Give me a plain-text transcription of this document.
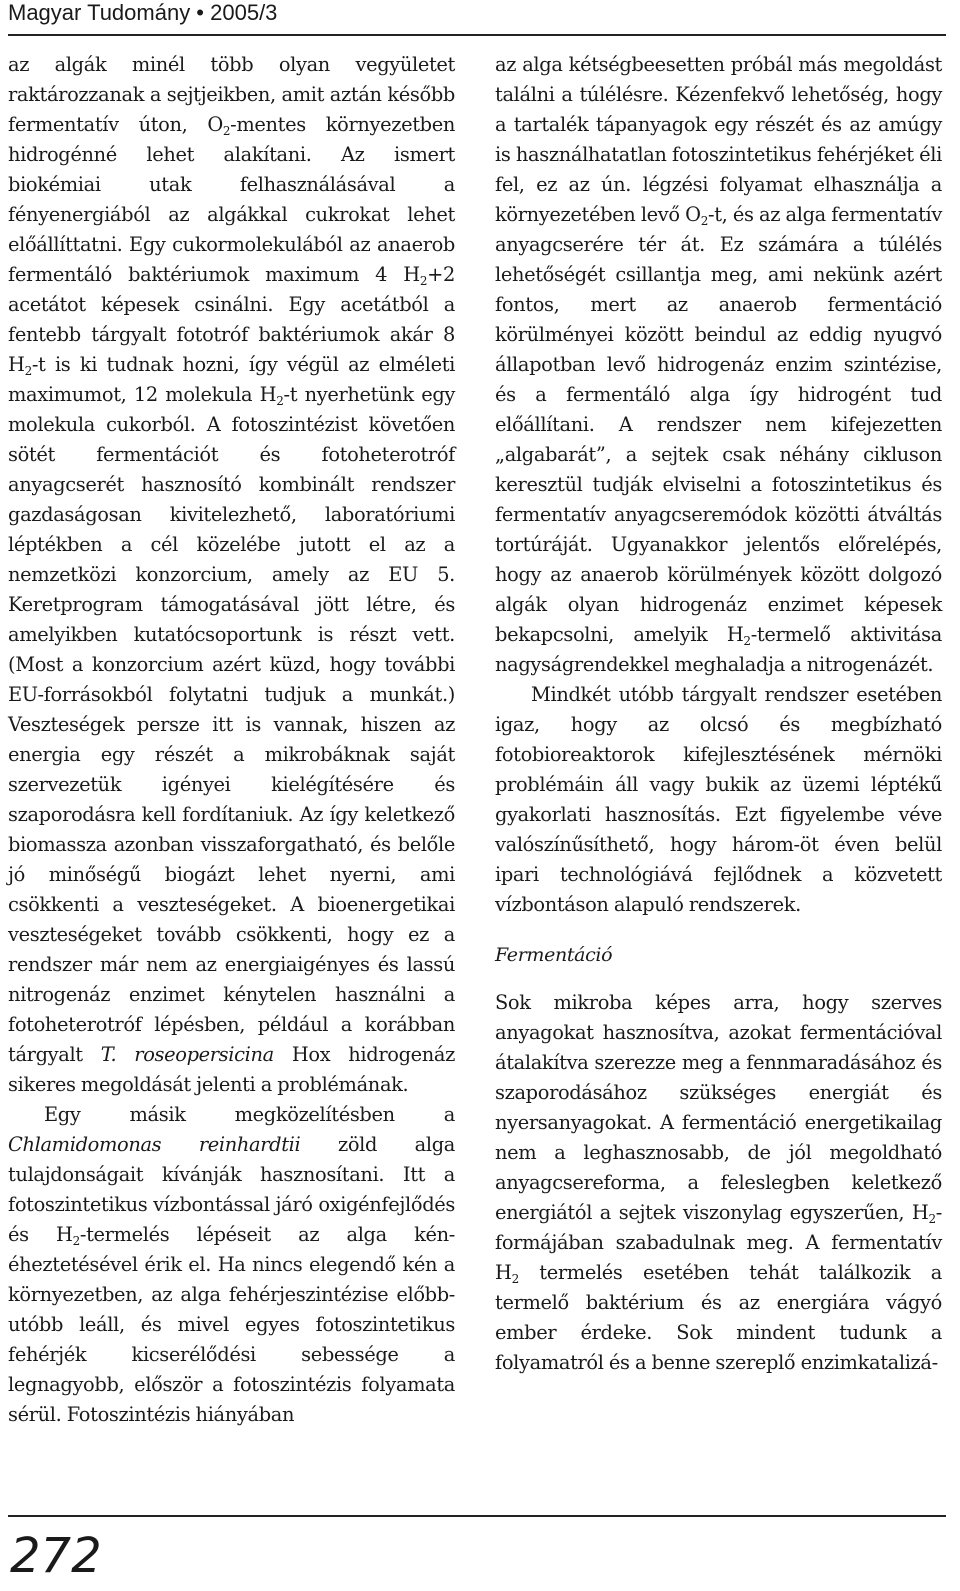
Magyar Tudomány • 2005/3

az algák minél több olyan vegyületet raktározzanak a sejtjeikben, amit aztán később fermentatív úton, $O_2$-mentes környezetben hidrogénné lehet alakítani. Az ismert biokémiai utak felhasználásával a fényenergiából az algákkal cukrokat lehet előállíttatni. Egy cukormolekulából az anaerob fermentáló baktériumok maximum 4 $H_2+2$ acetátot képesek csinálni. Egy acetátból a fentebb tárgyalt fototróf baktériumok akár 8 $H_2-t$ is ki tudnak hozni, így végül az elméleti maximumot, 12 molekula $H_2-t$ nyerhetünk egy molekula cukorból. A fotoszintézist követően sötét fermentációt és fotoheterotróf anyagcserét hasznosító kombinált rendszer gazdaságosan kivitelezhető, laboratóriumi léptékben a cél közelébe jutott el az a nemzetközi konzorcium, amely az EU 5. Keretprogram támogatásával jött létre, és amelyikben kutatócsoportunk is részt vett. (Most a konzorcium azért küzd, hogy további EU-forrásokból folytatni tudjuk a munkát.) Veszteségek persze itt is vannak, hiszen az energia egy részét a mikrobáknak saját szervezetük igényei kielégítésére és szaporodásra kell fordítaniuk. Az így keletkező biomassza azonban visszaforgatható, és belőle jó minőségű biogázt lehet nyerni, ami csökkenti a veszteségeket. A bioenergetikai veszteségeket tovább csökkenti, hogy ez a rendszer már nem az energiaigényes és lassú nitrogenáz enzimet kénytelen használni a fotoheterotróf lépésben, például a korábban tárgyalt T. roseopersicina Hox hidrogenáz sikeres megoldását jelenti a problémának.

Egy másik megközelítésben a Chlamidomonas reinhardtii zöld alga tulajdonságait kívánják hasznosítani. Itt a fotoszintetikus vízbontással járó oxigénfejlődés és $H_2$-termelés lépéseit az alga kén-éheztetésével érik el. Ha nincs elegendő kén a környezetben, az alga fehérjeszintézise előbb-utóbb leáll, és mivel egyes fotoszintetikus fehérjék kicserélődési sebessége a legnagyobb, először a fotoszintézis folyamata sérül. Fotoszintézis hiányában

az alga kétségbeesetten próbál más megoldást találni a túlélésre. Kézenfekvő lehetőség, hogy a tartalék tápanyagok egy részét és az amúgy is használhatatlan fotoszintetikus fehérjéket éli fel, ez az ún. légzési folyamat elhasználja a környezetében levő $O_2-t$, és az alga fermentatív anyagcserére tér át. Ez számára a túlélés lehetőségét csillantja meg, ami nekünk azért fontos, mert az anaerob fermentáció körülményei között beindul az eddig nyugvó állapotban levő hidrogenáz enzim szintézise, és a fermentáló alga így hidrogént tud előállítani. A rendszer nem kifejezetten „algabarát”, a sejtek csak néhány cikluson keresztül tudják elviselni a fotoszintetikus és fermentatív anyagcseremódok közötti átváltás tortúráját. Ugyanakkor jelentős előrelépés, hogy az anaerob körülmények között dolgozó algák olyan hidrogenáz enzimet képesek bekapcsolni, amelyik $H_2$-termelő aktivitása nagyságrendekkel meghaladja a nitrogenázét.

Mindkét utóbb tárgyalt rendszer esetében igaz, hogy az olcsó és megbízható fotobioreaktorok kifejlesztésének mérnöki problémáin áll vagy bukik az üzemi léptékű gyakorlati hasznosítás. Ezt figyelembe véve valószínűsíthető, hogy három-öt éven belül ipari technológiává fejlődnek a közvetett vízbontáson alapuló rendszerek.

Fermentáció

Sok mikroba képes arra, hogy szerves anyagokat hasznosítva, azokat fermentációval átalakítva szerezze meg a fennmaradásához és szaporodásához szükséges energiát és nyersanyagokat. A fermentáció energetikailag nem a leghasznosabb, de jól megoldható anyagcsereforma, a feleslegben keletkező energiától a sejtek viszonylag egyszerűen, $H_2$-formájában szabadulnak meg. A fermentatív $H_2$ termelés esetében tehát találkozik a termelő baktérium és az energiára vágyó ember érdeke. Sok mindent tudunk a folyamatról és a benne szereplő enzimkatalizá-

272
